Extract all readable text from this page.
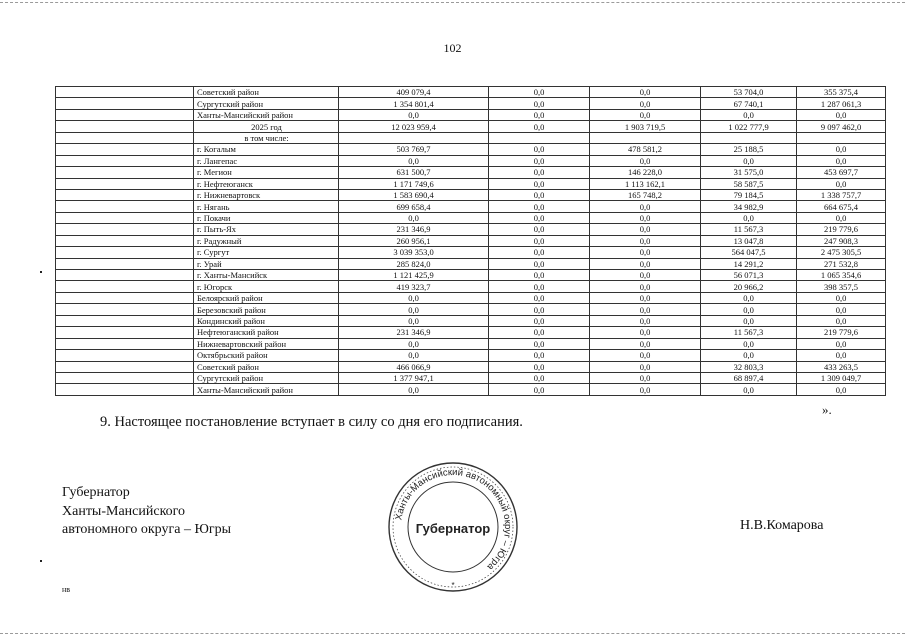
102
	Советский район	409 079,4	0,0	0,0	53 704,0	355 375,4
	Сургутский район	1 354 801,4	0,0	0,0	67 740,1	1 287 061,3
	Ханты-Мансийский район	0,0	0,0	0,0	0,0	0,0
	2025 год	12 023 959,4	0,0	1 903 719,5	1 022 777,9	9 097 462,0
	в том числе:					
	г. Когалым	503 769,7	0,0	478 581,2	25 188,5	0,0
	г. Лангепас	0,0	0,0	0,0	0,0	0,0
	г. Мегион	631 500,7	0,0	146 228,0	31 575,0	453 697,7
	г. Нефтеюганск	1 171 749,6	0,0	1 113 162,1	58 587,5	0,0
	г. Нижневартовск	1 583 690,4	0,0	165 748,2	79 184,5	1 338 757,7
	г. Нягань	699 658,4	0,0	0,0	34 982,9	664 675,4
	г. Покачи	0,0	0,0	0,0	0,0	0,0
	г. Пыть-Ях	231 346,9	0,0	0,0	11 567,3	219 779,6
	г. Радужный	260 956,1	0,0	0,0	13 047,8	247 908,3
	г. Сургут	3 039 353,0	0,0	0,0	564 047,5	2 475 305,5
	г. Урай	285 824,0	0,0	0,0	14 291,2	271 532,8
	г. Ханты-Мансийск	1 121 425,9	0,0	0,0	56 071,3	1 065 354,6
	г. Югорск	419 323,7	0,0	0,0	20 966,2	398 357,5
	Белоярский район	0,0	0,0	0,0	0,0	0,0
	Березовский район	0,0	0,0	0,0	0,0	0,0
	Кондинский район	0,0	0,0	0,0	0,0	0,0
	Нефтеюганский район	231 346,9	0,0	0,0	11 567,3	219 779,6
	Нижневартовский район	0,0	0,0	0,0	0,0	0,0
	Октябрьский район	0,0	0,0	0,0	0,0	0,0
	Советский район	466 066,9	0,0	0,0	32 803,3	433 263,5
	Сургутский район	1 377 947,1	0,0	0,0	68 897,4	1 309 049,7
	Ханты-Мансийский район	0,0	0,0	0,0	0,0	0,0
».
9. Настоящее постановление вступает в силу со дня его подписания.
Губернатор
Ханты-Мансийского
автономного округа – Югры
Ханты-Мансийский автономный округ – Югра
Губернатор
*
Н.В.Комарова
нв
